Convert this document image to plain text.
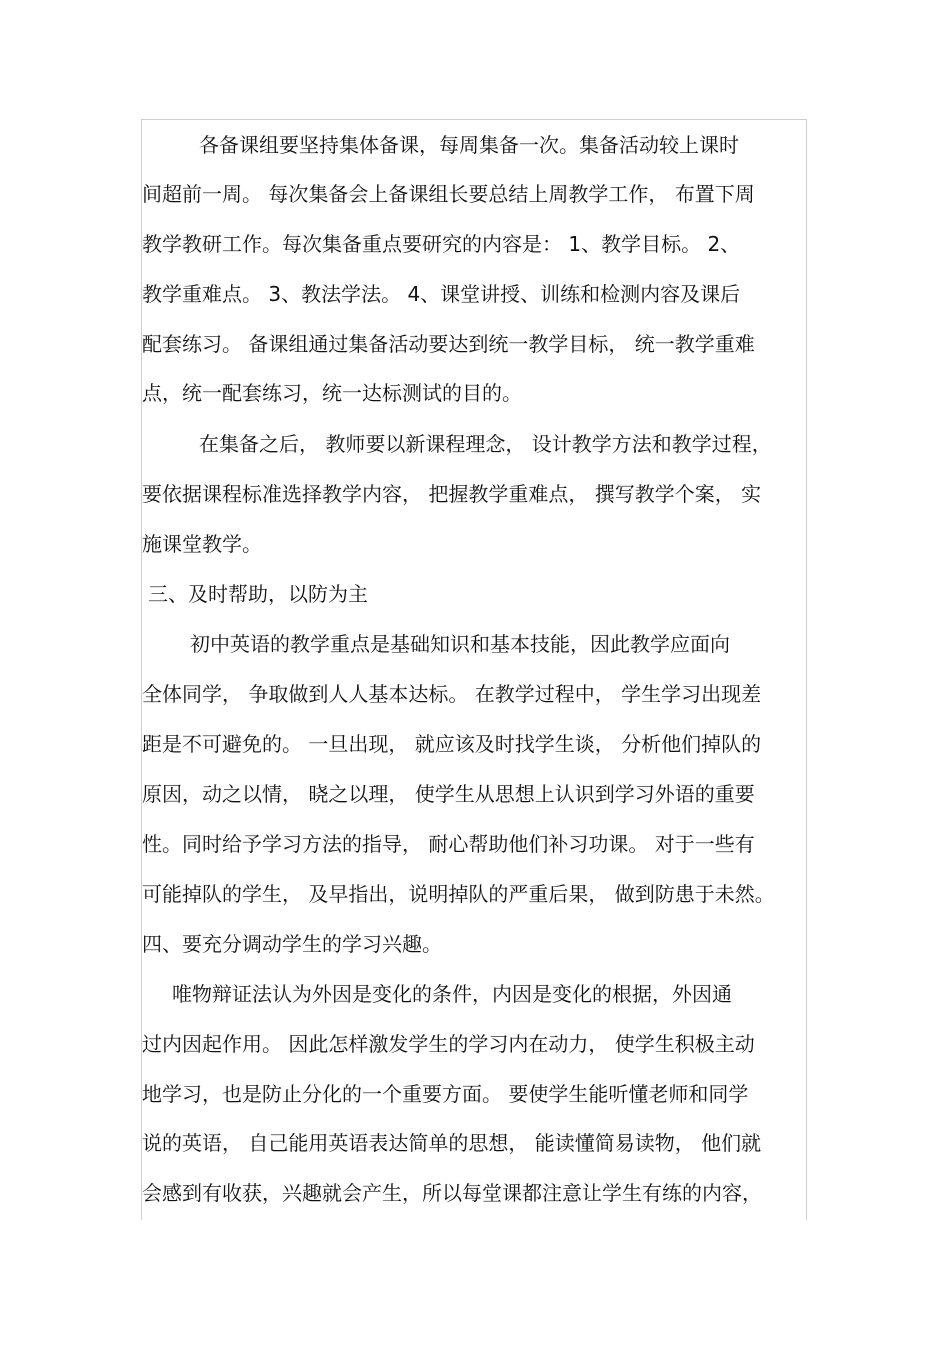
各备课组要坚持集体备课，每周集备一次。集备活动较上课时
间超前一周。 每次集备会上备课组长要总结上周教学工作， 布置下周
教学教研工作。每次集备重点要研究的内容是： 1、教学目标。 2、
教学重难点。 3、教法学法。 4、课堂讲授、训练和检测内容及课后
配套练习。 备课组通过集备活动要达到统一教学目标， 统一教学重难
点，统一配套练习，统一达标测试的目的。
在集备之后， 教师要以新课程理念， 设计教学方法和教学过程，
要依据课程标准选择教学内容， 把握教学重难点， 撰写教学个案， 实
施课堂教学。
三、及时帮助，以防为主
初中英语的教学重点是基础知识和基本技能，因此教学应面向
全体同学， 争取做到人人基本达标。 在教学过程中， 学生学习出现差
距是不可避免的。 一旦出现， 就应该及时找学生谈， 分析他们掉队的
原因，动之以情， 晓之以理， 使学生从思想上认识到学习外语的重要
性。同时给予学习方法的指导， 耐心帮助他们补习功课。 对于一些有
可能掉队的学生， 及早指出，说明掉队的严重后果， 做到防患于未然。
四、要充分调动学生的学习兴趣。
唯物辩证法认为外因是变化的条件，内因是变化的根据，外因通
过内因起作用。 因此怎样激发学生的学习内在动力， 使学生积极主动
地学习，也是防止分化的一个重要方面。 要使学生能听懂老师和同学
说的英语， 自己能用英语表达简单的思想， 能读懂简易读物， 他们就
会感到有收获，兴趣就会产生，所以每堂课都注意让学生有练的内容，
